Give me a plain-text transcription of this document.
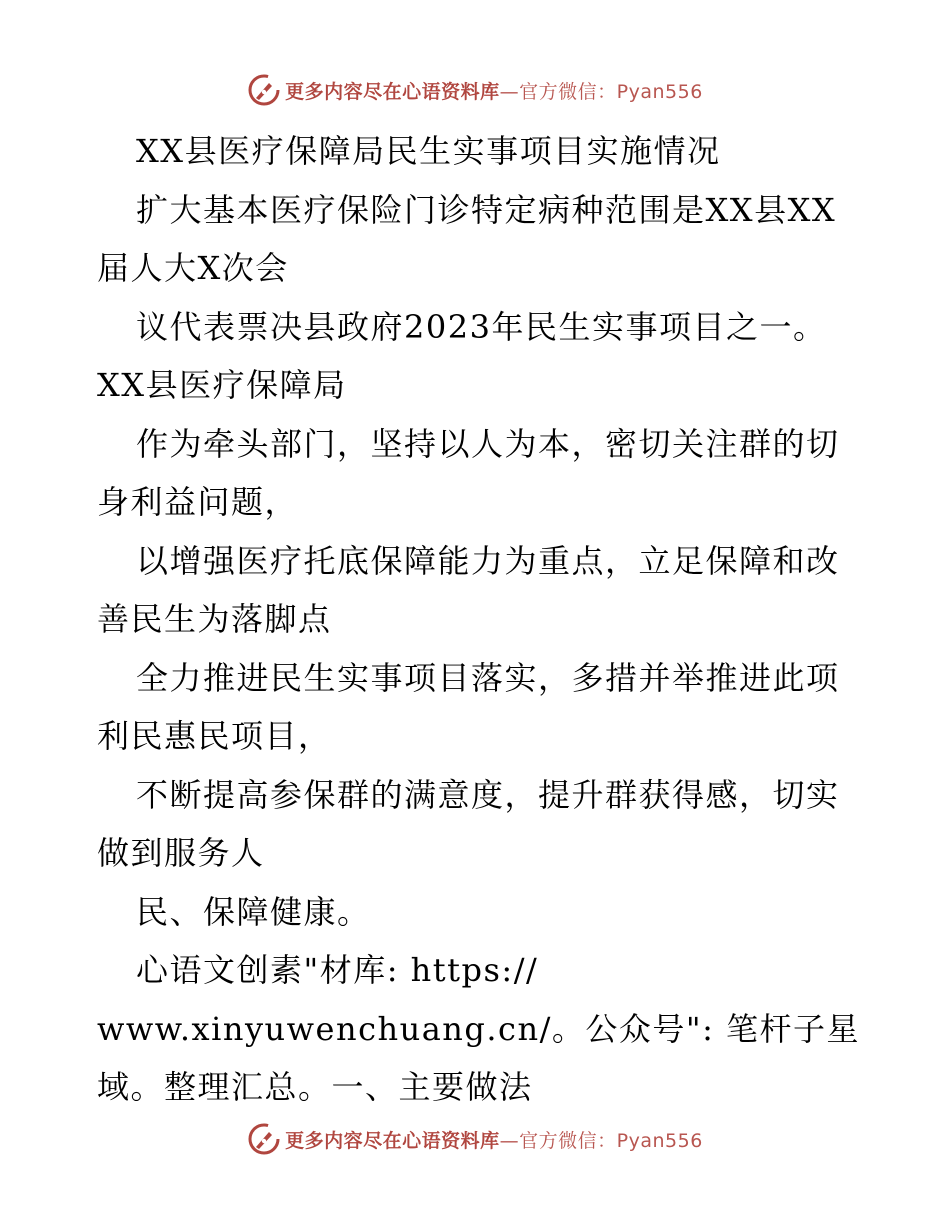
更多内容尽在心语资料库—官方微信：Pyan556
XX县医疗保障局民生实事项目实施情况
扩大基本医疗保险门诊特定病种范围是XX县XX
届人大X次会
议代表票决县政府2023年民生实事项目之一。
XX县医疗保障局
作为牵头部门，坚持以人为本，密切关注群的切
身利益问题，
以增强医疗托底保障能力为重点，立足保障和改
善民生为落脚点
全力推进民生实事项目落实，多措并举推进此项
利民惠民项目，
不断提高参保群的满意度，提升群获得感，切实
做到服务人
民、保障健康。
心语文创素"材库: https://
www.xinyuwenchuang.cn/。公众号": 笔杆子星
域。整理汇总。一、主要做法
更多内容尽在心语资料库—官方微信：Pyan556
